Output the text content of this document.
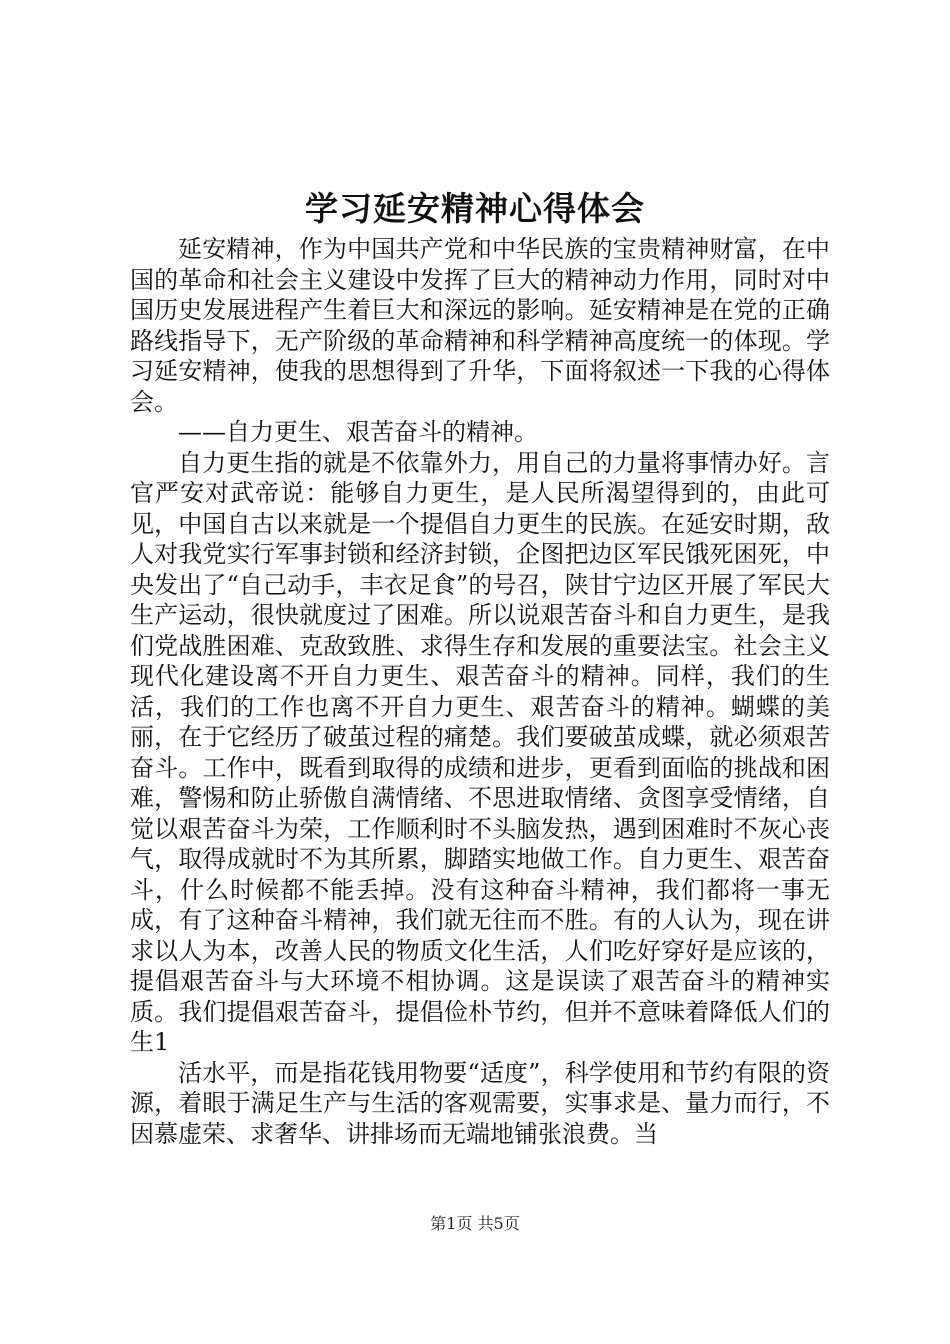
学习延安精神心得体会

延安精神，作为中国共产党和中华民族的宝贵精神财富，在中国的革命和社会主义建设中发挥了巨大的精神动力作用，同时对中国历史发展进程产生着巨大和深远的影响。延安精神是在党的正确路线指导下，无产阶级的革命精神和科学精神高度统一的体现。学习延安精神，使我的思想得到了升华，下面将叙述一下我的心得体会。

——自力更生、艰苦奋斗的精神。

自力更生指的就是不依靠外力，用自己的力量将事情办好。言官严安对武帝说：能够自力更生，是人民所渴望得到的，由此可见，中国自古以来就是一个提倡自力更生的民族。在延安时期，敌人对我党实行军事封锁和经济封锁，企图把边区军民饿死困死，中央发出了“自己动手，丰衣足食”的号召，陕甘宁边区开展了军民大生产运动，很快就度过了困难。所以说艰苦奋斗和自力更生，是我们党战胜困难、克敌致胜、求得生存和发展的重要法宝。社会主义现代化建设离不开自力更生、艰苦奋斗的精神。同样，我们的生活，我们的工作也离不开自力更生、艰苦奋斗的精神。蝴蝶的美丽，在于它经历了破茧过程的痛楚。我们要破茧成蝶，就必须艰苦奋斗。工作中，既看到取得的成绩和进步，更看到面临的挑战和困难，警惕和防止骄傲自满情绪、不思进取情绪、贪图享受情绪，自觉以艰苦奋斗为荣，工作顺利时不头脑发热，遇到困难时不灰心丧气，取得成就时不为其所累，脚踏实地做工作。自力更生、艰苦奋斗，什么时候都不能丢掉。没有这种奋斗精神，我们都将一事无成，有了这种奋斗精神，我们就无往而不胜。有的人认为，现在讲求以人为本，改善人民的物质文化生活，人们吃好穿好是应该的，提倡艰苦奋斗与大环境不相协调。这是误读了艰苦奋斗的精神实质。我们提倡艰苦奋斗，提倡俭朴节约，但并不意味着降低人们的生1

活水平，而是指花钱用物要“适度”，科学使用和节约有限的资源，着眼于满足生产与生活的客观需要，实事求是、量力而行，不因慕虚荣、求奢华、讲排场而无端地铺张浪费。当

第1页 共5页
